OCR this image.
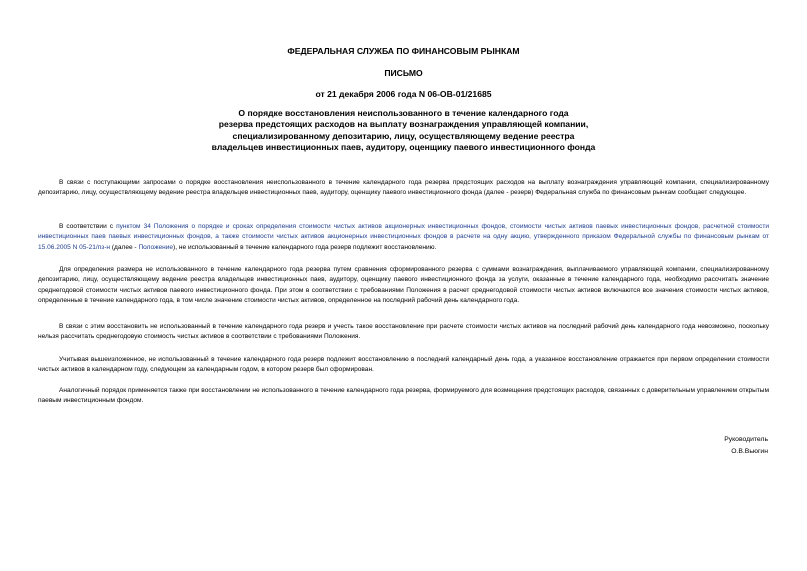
ФЕДЕРАЛЬНАЯ СЛУЖБА ПО ФИНАНСОВЫМ РЫНКАМ
ПИСЬМО
от 21 декабря 2006 года N 06-ОВ-01/21685
О порядке восстановления неиспользованного в течение календарного года
резерва предстоящих расходов на выплату вознаграждения управляющей компании,
специализированному депозитарию, лицу, осуществляющему ведение реестра
владельцев инвестиционных паев, аудитору, оценщику паевого инвестиционного фонда

В связи с поступающими запросами о порядке восстановления неиспользованного в течение календарного года резерва предстоящих расходов на выплату вознаграждения управляющей компании, специализированному депозитарию, лицу, осуществляющему ведение реестра владельцев инвестиционных паев, аудитору, оценщику паевого инвестиционного фонда (далее - резерв) Федеральная служба по финансовым рынкам сообщает следующее.

В соответствии с пунктом 34 Положения о порядке и сроках определения стоимости чистых активов акционерных инвестиционных фондов, стоимости чистых активов паевых инвестиционных фондов, расчетной стоимости инвестиционных паев паевых инвестиционных фондов, а также стоимости чистых активов акционерных инвестиционных фондов в расчете на одну акцию, утвержденного приказом Федеральной службы по финансовым рынкам от 15.06.2005 N 05-21/пз-н (далее - Положение), не использованный в течение календарного года резерв подлежит восстановлению.

Для определения размера не использованного в течение календарного года резерва путем сравнения сформированного резерва с суммами вознаграждения, выплачиваемого управляющей компании, специализированному депозитарию, лицу, осуществляющему ведение реестра владельцев инвестиционных паев, аудитору, оценщику паевого инвестиционного фонда за услуги, оказанные в течение календарного года, необходимо рассчитать значение среднегодовой стоимости чистых активов паевого инвестиционного фонда. При этом в соответствии с требованиями Положения в расчет среднегодовой стоимости чистых активов включаются все значения стоимости чистых активов, определенные в течение календарного года, в том числе значение стоимости чистых активов, определенное на последний рабочий день календарного года.

В связи с этим восстановить не использованный в течение календарного года резерв и учесть такое восстановление при расчете стоимости чистых активов на последний рабочий день календарного года невозможно, поскольку нельзя рассчитать среднегодовую стоимость чистых активов в соответствии с требованиями Положения.

Учитывая вышеизложенное, не использованный в течение календарного года резерв подлежит восстановлению в последний календарный день года, а указанное восстановление отражается при первом определении стоимости чистых активов в календарном году, следующем за календарным годом, в котором резерв был сформирован.

Аналогичный порядок применяется также при восстановлении не использованного в течение календарного года резерва, формируемого для возмещения предстоящих расходов, связанных с доверительным управлением открытым паевым инвестиционным фондом.

Руководитель
О.В.Вьюгин
